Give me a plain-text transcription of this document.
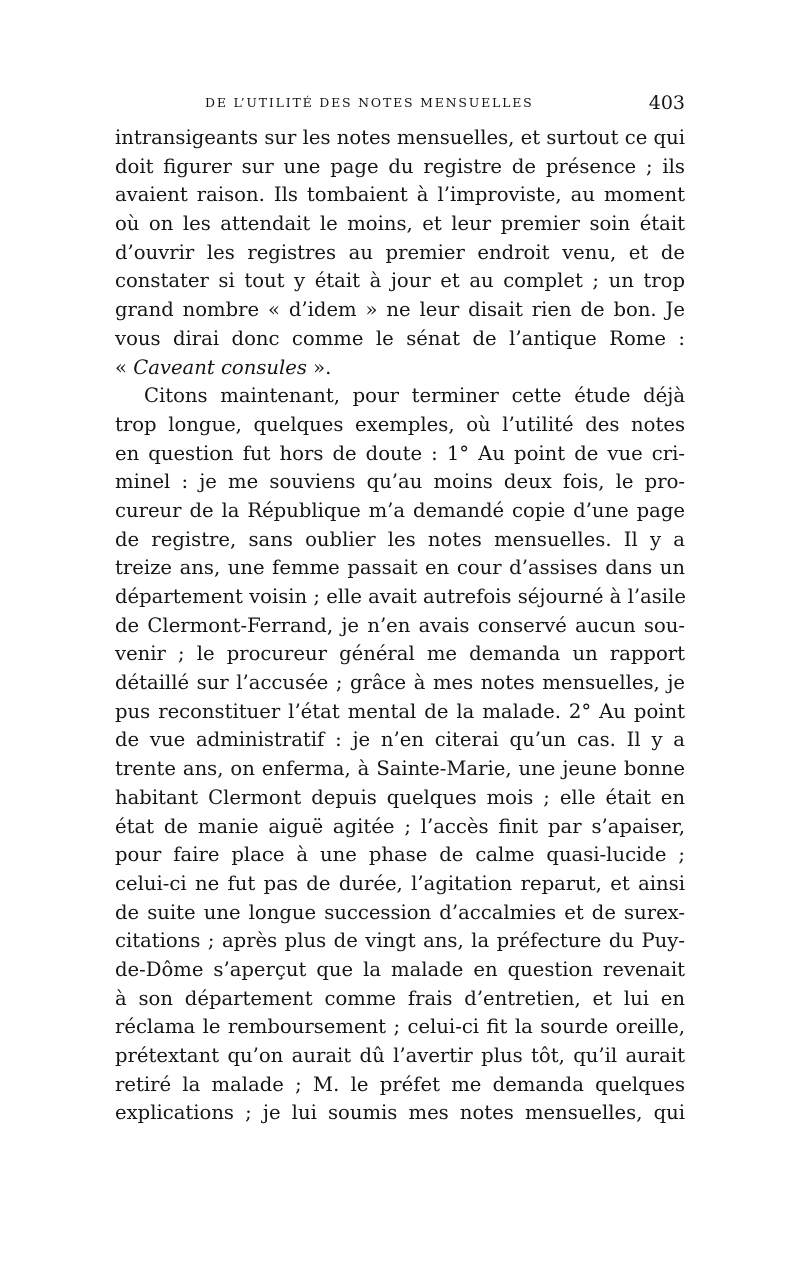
DE L’UTILITÉ DES NOTES MENSUELLES	403
intransigeants sur les notes mensuelles, et surtout ce qui
doit figurer sur une page du registre de présence ; ils
avaient raison. Ils tombaient à l’improviste, au moment
où on les attendait le moins, et leur premier soin était
d’ouvrir les registres au premier endroit venu, et de
constater si tout y était à jour et au complet ; un trop
grand nombre « d’idem » ne leur disait rien de bon. Je
vous dirai donc comme le sénat de l’antique Rome :
« Caveant consules ».
Citons maintenant, pour terminer cette étude déjà
trop longue, quelques exemples, où l’utilité des notes
en question fut hors de doute : 1° Au point de vue cri-
minel : je me souviens qu’au moins deux fois, le pro-
cureur de la République m’a demandé copie d’une page
de registre, sans oublier les notes mensuelles. Il y a
treize ans, une femme passait en cour d’assises dans un
département voisin ; elle avait autrefois séjourné à l’asile
de Clermont-Ferrand, je n’en avais conservé aucun sou-
venir ; le procureur général me demanda un rapport
détaillé sur l’accusée ; grâce à mes notes mensuelles, je
pus reconstituer l’état mental de la malade. 2° Au point
de vue administratif : je n’en citerai qu’un cas. Il y a
trente ans, on enferma, à Sainte-Marie, une jeune bonne
habitant Clermont depuis quelques mois ; elle était en
état de manie aiguë agitée ; l’accès finit par s’apaiser,
pour faire place à une phase de calme quasi-lucide ;
celui-ci ne fut pas de durée, l’agitation reparut, et ainsi
de suite une longue succession d’accalmies et de surex-
citations ; après plus de vingt ans, la préfecture du Puy-
de-Dôme s’aperçut que la malade en question revenait
à son département comme frais d’entretien, et lui en
réclama le remboursement ; celui-ci fit la sourde oreille,
prétextant qu’on aurait dû l’avertir plus tôt, qu’il aurait
retiré la malade ; M. le préfet me demanda quelques
explications ; je lui soumis mes notes mensuelles, qui
